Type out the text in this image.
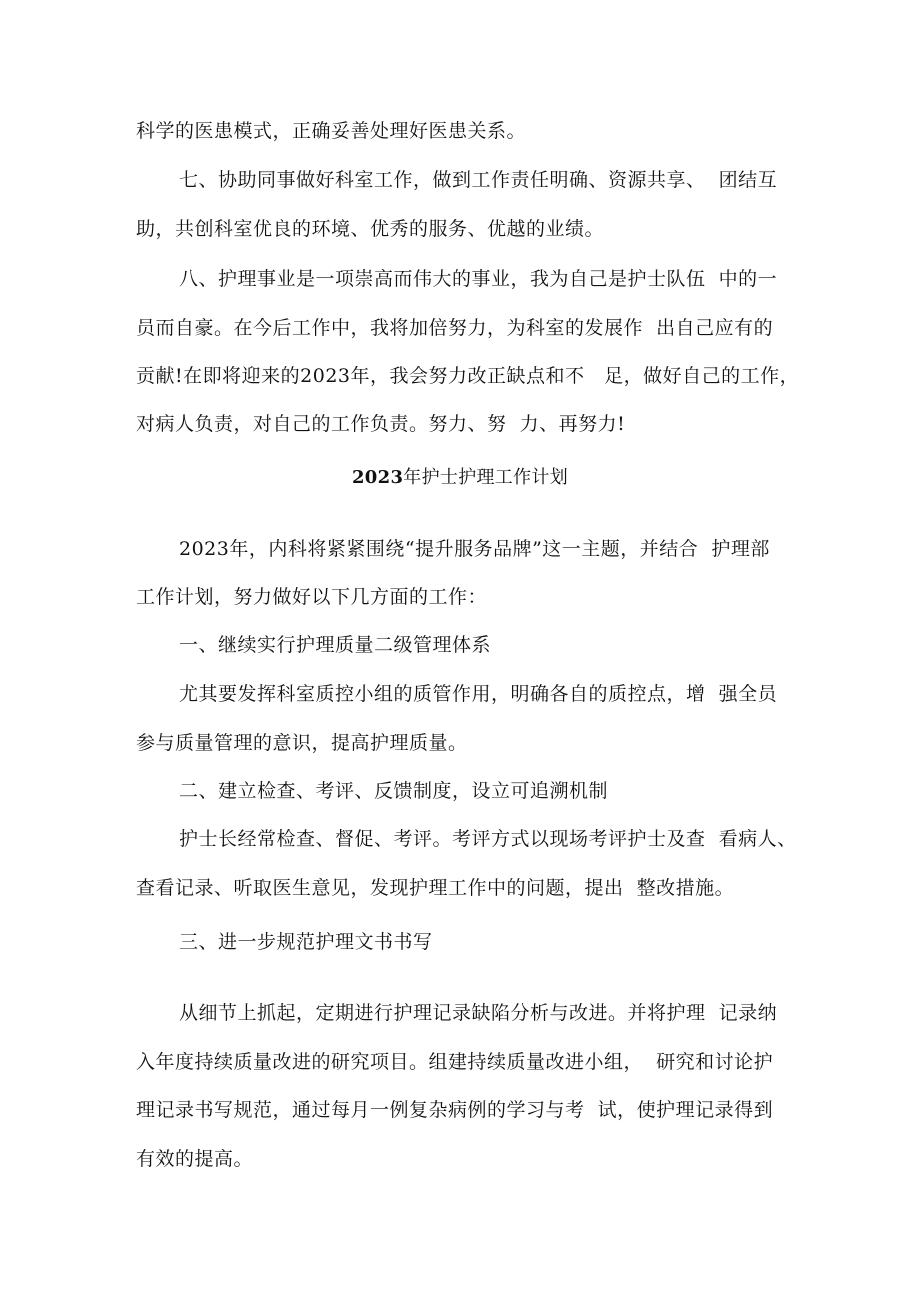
科学的医患模式，正确妥善处理好医患关系。
七、协助同事做好科室工作，做到工作责任明确、资源共享、  团结互
助，共创科室优良的环境、优秀的服务、优越的业绩。
八、护理事业是一项崇高而伟大的事业，我为自己是护士队伍  中的一
员而自豪。在今后工作中，我将加倍努力，为科室的发展作  出自己应有的
贡献!在即将迎来的2023年，我会努力改正缺点和不   足，做好自己的工作，
对病人负责，对自己的工作负责。努力、努  力、再努力!
2023年护士护理工作计划
2023年，内科将紧紧围绕“提升服务品牌”这一主题，并结合  护理部
工作计划，努力做好以下几方面的工作：
一、继续实行护理质量二级管理体系
尤其要发挥科室质控小组的质管作用，明确各自的质控点，增  强全员
参与质量管理的意识，提高护理质量。
二、建立检查、考评、反馈制度，设立可追溯机制
护士长经常检查、督促、考评。考评方式以现场考评护士及查  看病人、
查看记录、听取医生意见，发现护理工作中的问题，提出  整改措施。
三、进一步规范护理文书书写
从细节上抓起，定期进行护理记录缺陷分析与改进。并将护理  记录纳
入年度持续质量改进的研究项目。组建持续质量改进小组，  研究和讨论护
理记录书写规范，通过每月一例复杂病例的学习与考  试，使护理记录得到
有效的提高。
